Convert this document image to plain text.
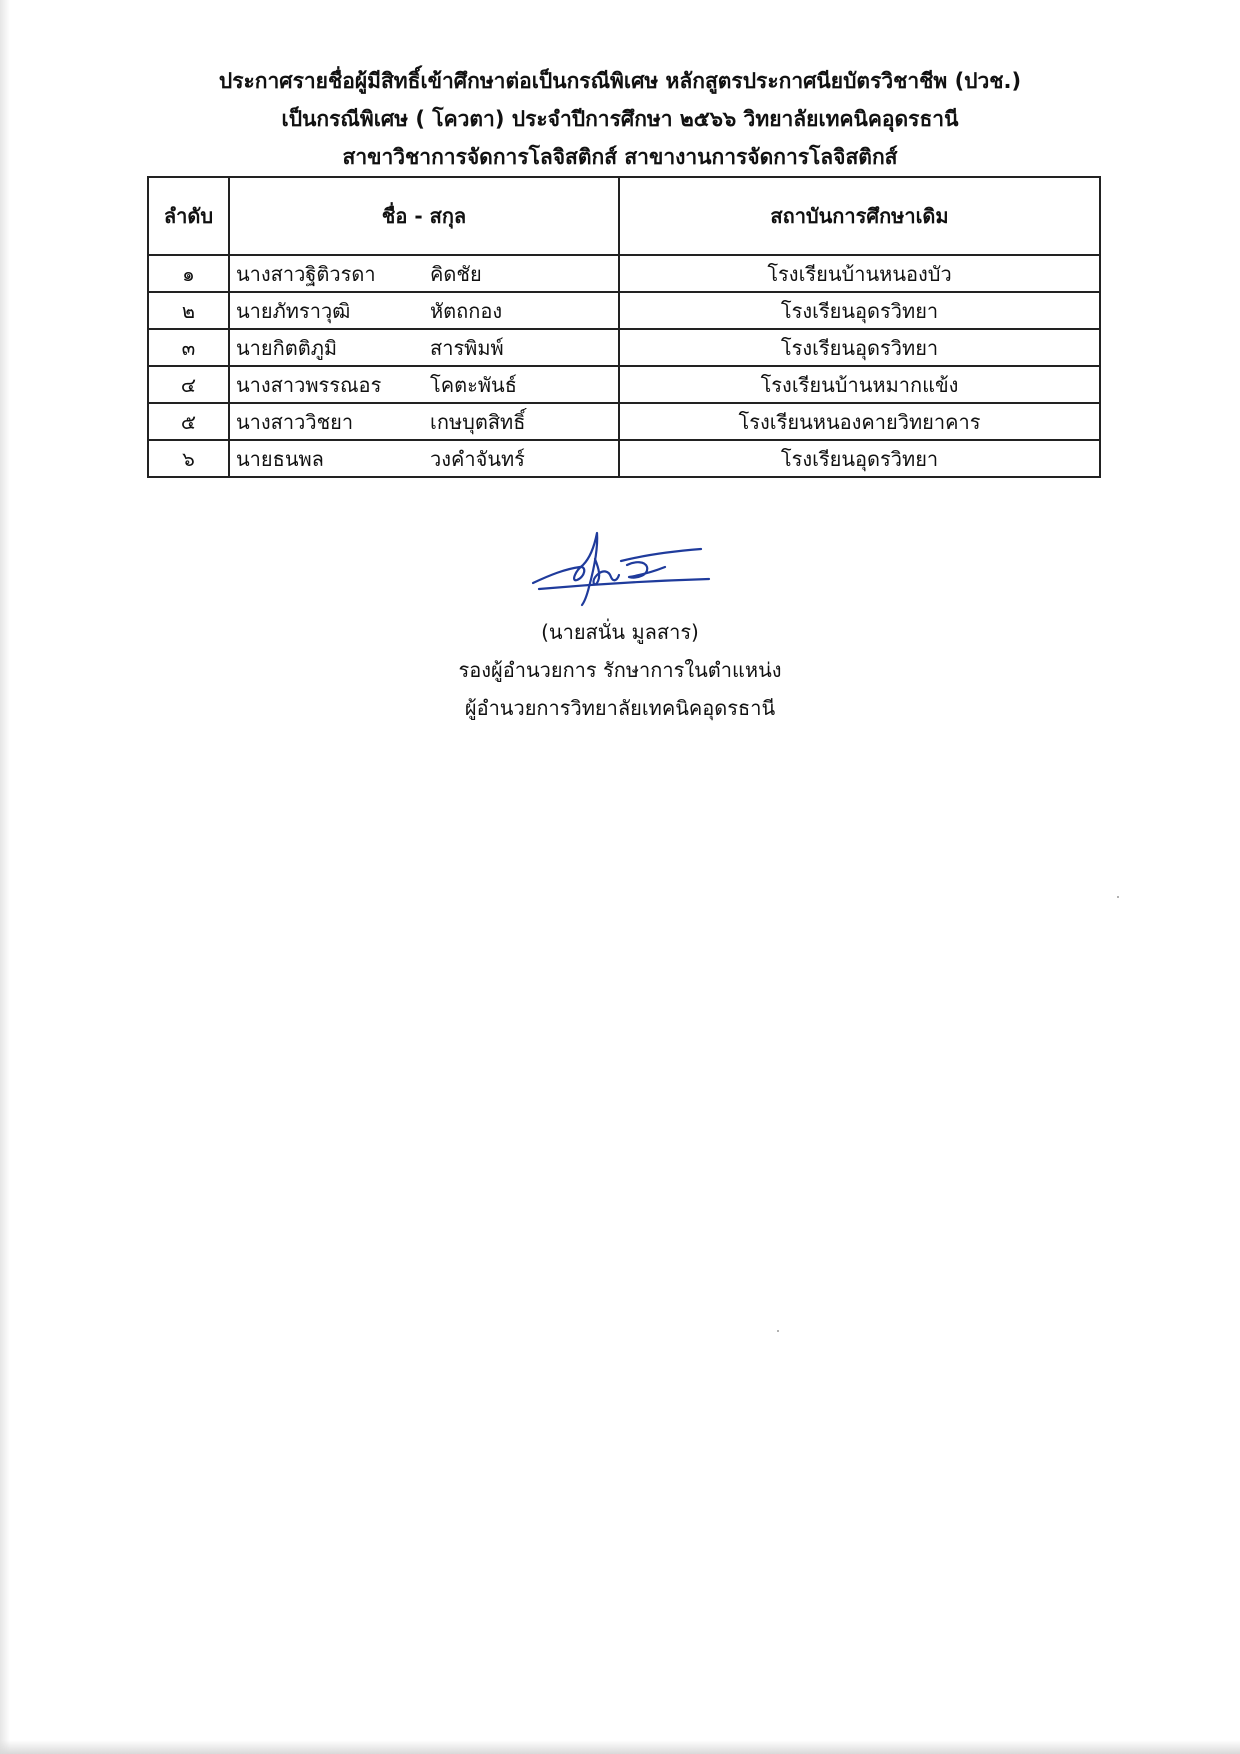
ประกาศรายชื่อผู้มีสิทธิ์เข้าศึกษาต่อเป็นกรณีพิเศษ หลักสูตรประกาศนียบัตรวิชาชีพ (ปวช.)
เป็นกรณีพิเศษ ( โควตา) ประจำปีการศึกษา ๒๕๖๖ วิทยาลัยเทคนิคอุดรธานี
สาขาวิชาการจัดการโลจิสติกส์ สาขางานการจัดการโลจิสติกส์
ลำดับ	ชื่อ - สกุล	สถาบันการศึกษาเดิม
๑	นางสาวฐิติวรดา คิดชัย	โรงเรียนบ้านหนองบัว
๒	นายภัทราวุฒิ หัตถกอง	โรงเรียนอุดรวิทยา
๓	นายกิตติภูมิ สารพิมพ์	โรงเรียนอุดรวิทยา
๔	นางสาวพรรณอร โคตะพันธ์	โรงเรียนบ้านหมากแข้ง
๕	นางสาววิชยา เกษบุตสิทธิ์	โรงเรียนหนองคายวิทยาคาร
๖	นายธนพล วงคำจันทร์	โรงเรียนอุดรวิทยา
(นายสนั่น มูลสาร)
รองผู้อำนวยการ รักษาการในตำแหน่ง
ผู้อำนวยการวิทยาลัยเทคนิคอุดรธานี
